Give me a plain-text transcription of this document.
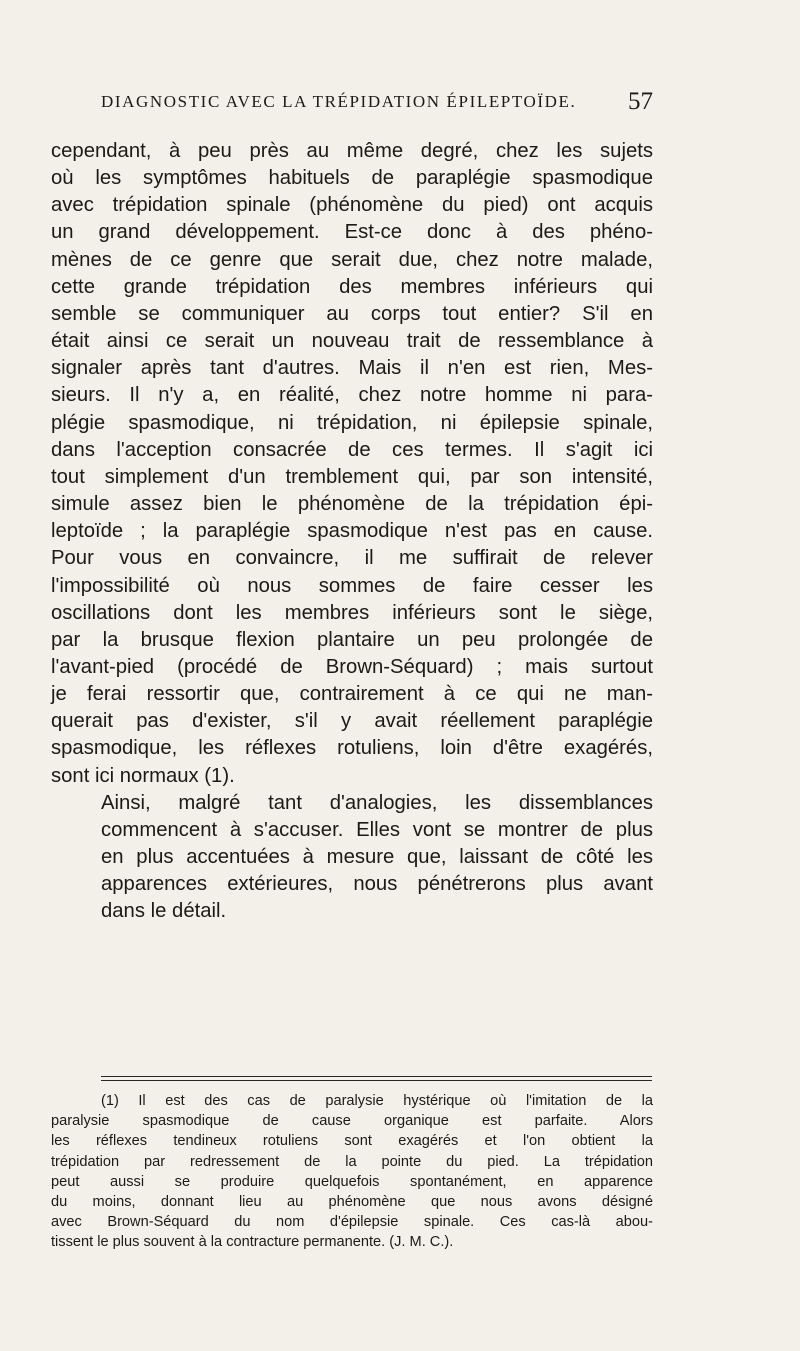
DIAGNOSTIC AVEC LA TRÉPIDATION ÉPILEPTOÏDE. 57

cependant, à peu près au même degré, chez les sujets
où les symptômes habituels de paraplégie spasmodique
avec trépidation spinale (phénomène du pied) ont acquis
un grand développement. Est-ce donc à des phéno-
mènes de ce genre que serait due, chez notre malade,
cette grande trépidation des membres inférieurs qui
semble se communiquer au corps tout entier? S'il en
était ainsi ce serait un nouveau trait de ressemblance à
signaler après tant d'autres. Mais il n'en est rien, Mes-
sieurs. Il n'y a, en réalité, chez notre homme ni para-
plégie spasmodique, ni trépidation, ni épilepsie spinale,
dans l'acception consacrée de ces termes. Il s'agit ici
tout simplement d'un tremblement qui, par son intensité,
simule assez bien le phénomène de la trépidation épi-
leptoïde ; la paraplégie spasmodique n'est pas en cause.
Pour vous en convaincre, il me suffirait de relever
l'impossibilité où nous sommes de faire cesser les
oscillations dont les membres inférieurs sont le siège,
par la brusque flexion plantaire un peu prolongée de
l'avant-pied (procédé de Brown-Séquard) ; mais surtout
je ferai ressortir que, contrairement à ce qui ne man-
querait pas d'exister, s'il y avait réellement paraplégie
spasmodique, les réflexes rotuliens, loin d'être exagérés,
sont ici normaux (1).

Ainsi, malgré tant d'analogies, les dissemblances
commencent à s'accuser. Elles vont se montrer de plus
en plus accentuées à mesure que, laissant de côté les
apparences extérieures, nous pénétrerons plus avant
dans le détail.

(1) Il est des cas de paralysie hystérique où l'imitation de la
paralysie spasmodique de cause organique est parfaite. Alors
les réflexes tendineux rotuliens sont exagérés et l'on obtient la
trépidation par redressement de la pointe du pied. La trépidation
peut aussi se produire quelquefois spontanément, en apparence
du moins, donnant lieu au phénomène que nous avons désigné
avec Brown-Séquard du nom d'épilepsie spinale. Ces cas-là abou-
tissent le plus souvent à la contracture permanente. (J. M. C.).
